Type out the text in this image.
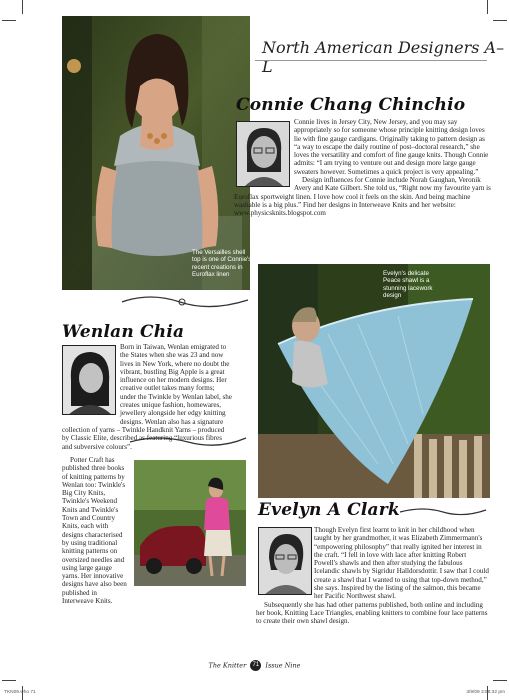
North American Designers A–L
The Versailles shell top is one of Connie's recent creations in Euroflax linen
Connie Chang Chinchio

Connie lives in Jersey City, New Jersey, and you may say appropriately so for someone whose principle knitting design loves lie with fine gauge cardigans. Originally taking to pattern design as “a way to escape the daily routine of post–doctoral research,” she loves the versatility and comfort of fine gauge knits. Though Connie admits: “I am trying to venture out and design more large gauge sweaters however. Sometimes a quick project is very appealing.”

Design influences for Connie include Norah Gaughan, Veronik Avery and Kate Gilbert. She told us, “Right now my favourite yarn is Euroflax sportweight linen. I love how cool it feels on the skin. And being machine washable is a big plus.” Find her designs in Interweave Knits and her website: www.physicsknits.blogspot.com

Evelyn's delicate Peace shawl is a stunning lacework design
Wenlan Chia

Born in Taiwan, Wenlan emigrated to the States when she was 23 and now lives in New York, where no doubt the vibrant, bustling Big Apple is a great influence on her modern designs. Her creative outlet takes many forms; under the Twinkle by Wenlan label, she creates unique fashion, homewares, jewellery alongside her edgy knitting designs. Wenlan also has a signature collection of yarns – Twinkle Handknit Yarns – produced by Classic Elite, described as featuring “luxurious fibres and subversive colours”.

Potter Craft has published three books of knitting patterns by Wenlan too: Twinkle's Big City Knits, Twinkle's Weekend Knits and Twinkle's Town and Country Knits, each with designs characterised by using traditional knitting patterns on oversized needles and using large gauge yarns. Her innovative designs have also been published in Interweave Knits.

Evelyn A Clark

Though Evelyn first learnt to knit in her childhood when taught by her grandmother, it was Elizabeth Zimmermann's “empowering philosophy” that really ignited her interest in the craft. “I fell in love with lace after knitting Robert Powell's shawls and then after studying the fabulous Icelandic shawls by Sigridur Halldorsdottir. I saw that I could create a shawl that I wanted to using that top-down method,” she says. Inspired by the listing of the salmon, this became her Pacific Northwest shawl.

Subsequently she has had other patterns published, both online and including her book, Knitting Lace Triangles, enabling knitters to combine four lace patterns to create their own shawl design.

The Knitter 71 Issue Nine
TKN09.who 71	3/9/09 3:58:32 pm
